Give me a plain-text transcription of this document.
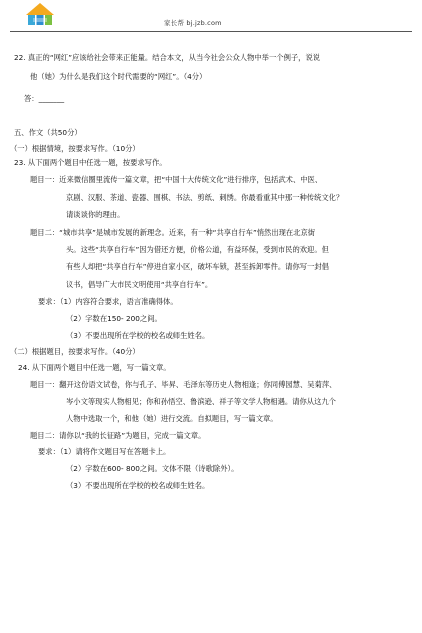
家长帮 bj.jzb.com
22. 真正的“网红”应该给社会带来正能量。结合本文，从当今社会公众人物中举一个例子，说说
他（她）为什么是我们这个时代需要的“网红”。（4分）
答：_______
五、作文（共50分）
（一）根据情境，按要求写作。（10分）
23. 从下面两个题目中任选一题，按要求写作。
题目一：近来微信圈里流传一篇文章，把“中国十大传统文化”进行排序，包括武术、中医、
京剧、汉服、茶道、瓷器、围棋、书法、剪纸、刺绣。你最看重其中那一种传统文化？
请谈谈你的理由。
题目二：“城市共享”是城市发展的新理念。近来，有一种“共享自行车”悄然出现在北京街
头。这些“共享自行车”因为借还方便，价格公道，有益环保，受到市民的欢迎。但
有些人却把“共享自行车”停进自家小区，破坏车锁，甚至拆卸零件。请你写一封倡
议书，倡导广大市民文明使用“共享自行车”。
要求：（1）内容符合要求，语言准确得体。
（2）字数在150- 200之间。
（3）不要出现所在学校的校名或师生姓名。
（二）根据题目，按要求写作。（40分）
24. 从下面两个题目中任选一题，写一篇文章。
题目一：翻开这份语文试卷，你与孔子、毕昇、毛泽东等历史人物相逢；你同傅园慧、吴菊萍、
岑小文等现实人物相见；你和孙悟空、鲁滨逊、祥子等文学人物相遇。请你从这九个
人物中选取一个，和他（她）进行交流。自拟题目，写一篇文章。
题目二：请你以“我的长征路”为题目，完成一篇文章。
要求：（1）请将作文题目写在答题卡上。
（2）字数在600- 800之间。文体不限（诗歌除外）。
（3）不要出现所在学校的校名或师生姓名。
